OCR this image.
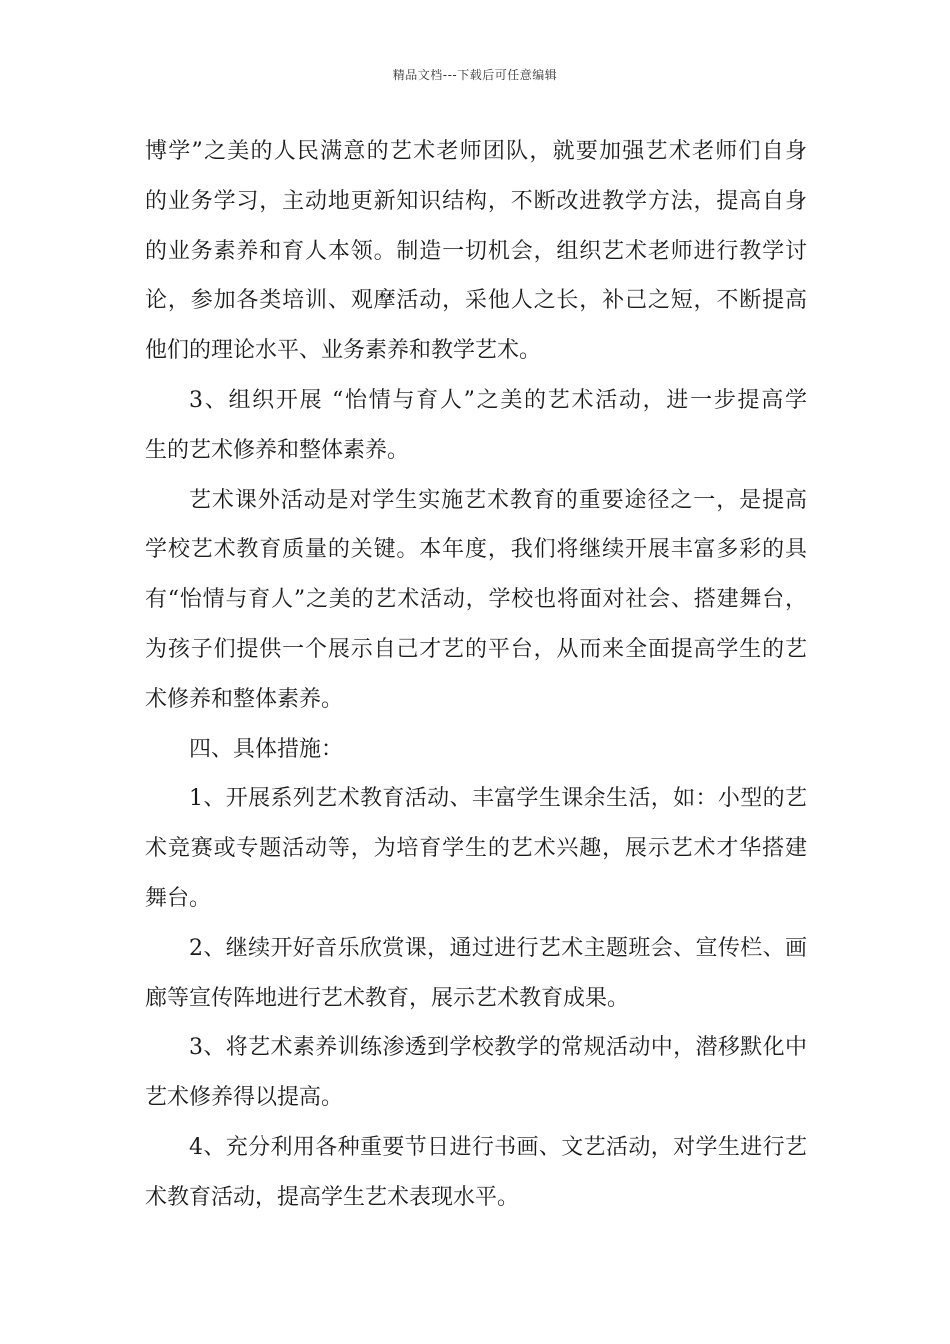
精品文档---下载后可任意编辑
博学”之美的人民满意的艺术老师团队，就要加强艺术老师们自身
的业务学习，主动地更新知识结构，不断改进教学方法，提高自身
的业务素养和育人本领。制造一切机会，组织艺术老师进行教学讨
论，参加各类培训、观摩活动，采他人之长，补己之短，不断提高
他们的理论水平、业务素养和教学艺术。
3、组织开展 “怡情与育人”之美的艺术活动，进一步提高学
生的艺术修养和整体素养。
艺术课外活动是对学生实施艺术教育的重要途径之一，是提高
学校艺术教育质量的关键。本年度，我们将继续开展丰富多彩的具
有“怡情与育人”之美的艺术活动，学校也将面对社会、搭建舞台，
为孩子们提供一个展示自己才艺的平台，从而来全面提高学生的艺
术修养和整体素养。
四、具体措施：
1、开展系列艺术教育活动、丰富学生课余生活，如：小型的艺
术竞赛或专题活动等，为培育学生的艺术兴趣，展示艺术才华搭建
舞台。
2、继续开好音乐欣赏课，通过进行艺术主题班会、宣传栏、画
廊等宣传阵地进行艺术教育，展示艺术教育成果。
3、将艺术素养训练渗透到学校教学的常规活动中，潜移默化中
艺术修养得以提高。
4、充分利用各种重要节日进行书画、文艺活动，对学生进行艺
术教育活动，提高学生艺术表现水平。
